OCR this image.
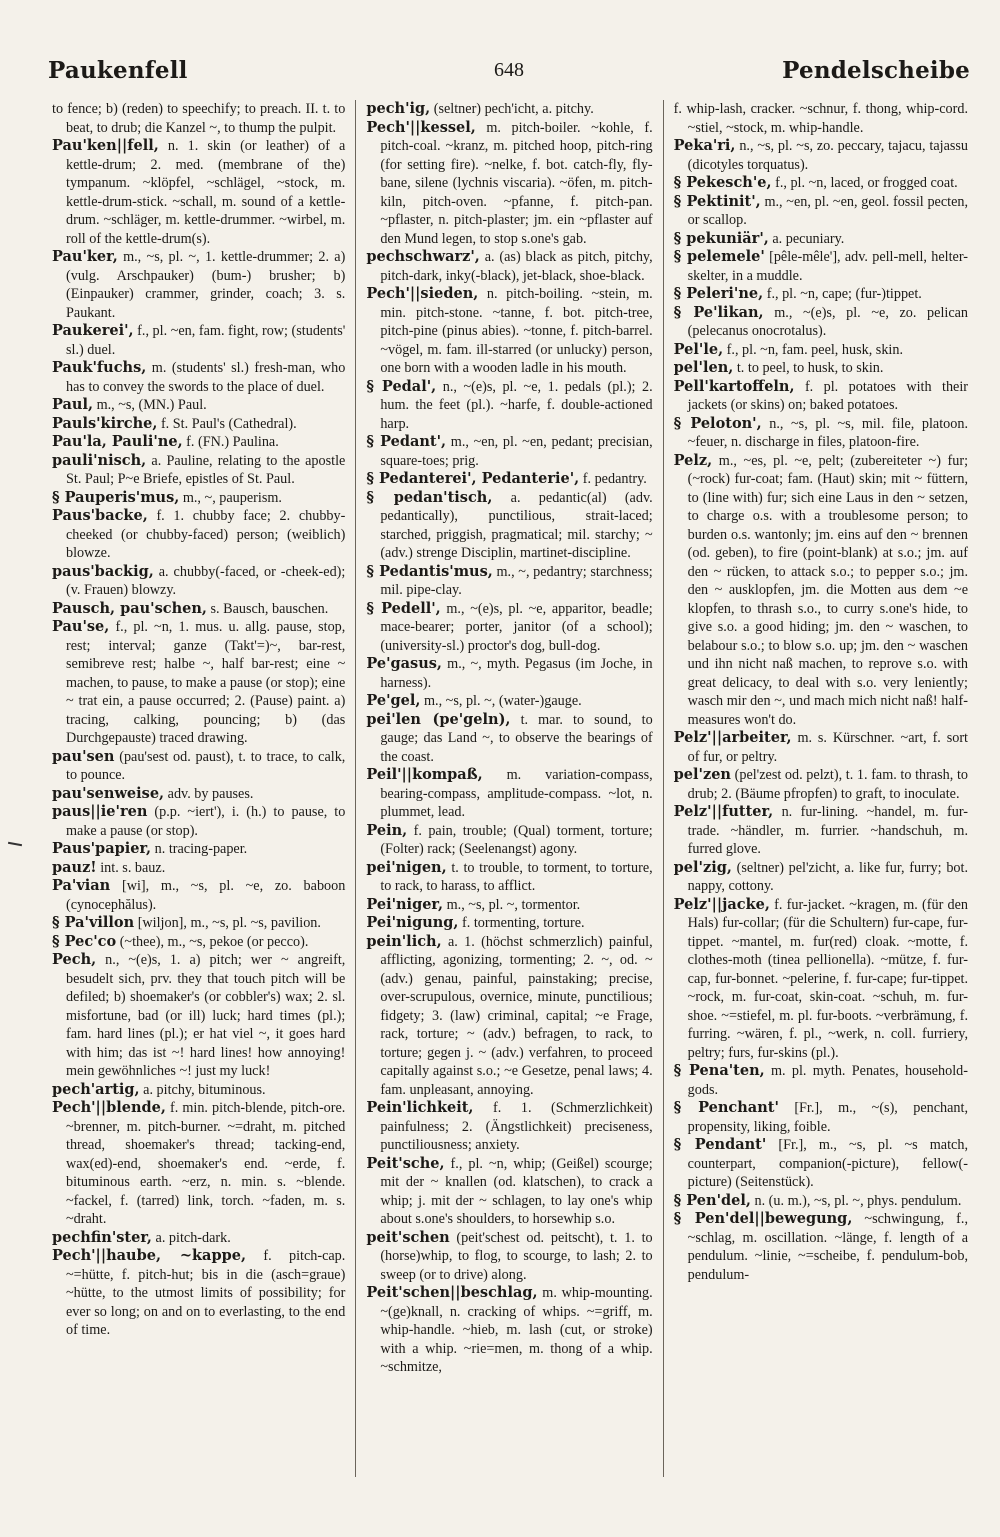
Paukenfell	648	Pendelscheibe

to fence; b) (reden) to speechify; to preach. II. t. to beat, to drub; die Kanzel ~, to thump the pulpit.

Pau'ken||fell, n. 1. skin (or leather) of a kettle-drum; 2. med. (membrane of the) tympanum. ~klöpfel, ~schlägel, ~stock, m. kettle-drum-stick. ~schall, m. sound of a kettle-drum. ~schläger, m. kettle-drummer. ~wirbel, m. roll of the kettle-drum(s).

Pau'ker, m., ~s, pl. ~, 1. kettle-drummer; 2. a) (vulg. Arschpauker) (bum-) brusher; b) (Einpauker) crammer, grinder, coach; 3. s. Paukant.

Paukerei', f., pl. ~en, fam. fight, row; (students' sl.) duel.

Pauk'fuchs, m. (students' sl.) fresh-man, who has to convey the swords to the place of duel.

Paul, m., ~s, (MN.) Paul.

Pauls'kirche, f. St. Paul's (Cathedral).

Pau'la, Pauli'ne, f. (FN.) Paulina.

pauli'nisch, a. Pauline, relating to the apostle St. Paul; P~e Briefe, epistles of St. Paul.

§ Pauperis'mus, m., ~, pauperism.

Paus'backe, f. 1. chubby face; 2. chubby-cheeked (or chubby-faced) person; (weiblich) blowze.

paus'backig, a. chubby(-faced, or -cheek-ed); (v. Frauen) blowzy.

Pausch, pau'schen, s. Bausch, bauschen.

Pau'se, f., pl. ~n, 1. mus. u. allg. pause, stop, rest; interval; ganze (Takt'=)~, bar-rest, semibreve rest; halbe ~, half bar-rest; eine ~ machen, to pause, to make a pause (or stop); eine ~ trat ein, a pause occurred; 2. (Pause) paint. a) tracing, calking, pouncing; b) (das Durchgepauste) traced drawing.

pau'sen (pau'sest od. paust), t. to trace, to calk, to pounce.

pau'senweise, adv. by pauses.

paus||ie'ren (p.p. ~iert'), i. (h.) to pause, to make a pause (or stop).

Paus'papier, n. tracing-paper.

pauz! int. s. bauz.

Pa'vian [wi], m., ~s, pl. ~e, zo. baboon (cynocephălus).

§ Pa'villon [wiljon], m., ~s, pl. ~s, pavilion.

§ Pec'co (~thee), m., ~s, pekoe (or pecco).

Pech, n., ~(e)s, 1. a) pitch; wer ~ angreift, besudelt sich, prv. they that touch pitch will be defiled; b) shoemaker's (or cobbler's) wax; 2. sl. misfortune, bad (or ill) luck; hard times (pl.); fam. hard lines (pl.); er hat viel ~, it goes hard with him; das ist ~! hard lines! how annoying! mein gewöhnliches ~! just my luck!

pech'artig, a. pitchy, bituminous.

Pech'||blende, f. min. pitch-blende, pitch-ore. ~brenner, m. pitch-burner. ~=draht, m. pitched thread, shoemaker's thread; tacking-end, wax(ed)-end, shoemaker's end. ~erde, f. bituminous earth. ~erz, n. min. s. ~blende. ~fackel, f. (tarred) link, torch. ~faden, m. s. ~draht.

pechfin'ster, a. pitch-dark.

Pech'||haube, ~kappe, f. pitch-cap. ~=hütte, f. pitch-hut; bis in die (asch=graue) ~hütte, to the utmost limits of possibility; for ever so long; on and on to everlasting, to the end of time.

pech'ig, (seltner) pech'icht, a. pitchy.

Pech'||kessel, m. pitch-boiler. ~kohle, f. pitch-coal. ~kranz, m. pitched hoop, pitch-ring (for setting fire). ~nelke, f. bot. catch-fly, fly-bane, silene (lychnis viscaria). ~öfen, m. pitch-kiln, pitch-oven. ~pfanne, f. pitch-pan. ~pflaster, n. pitch-plaster; jm. ein ~pflaster auf den Mund legen, to stop s.one's gab.

pechschwarz', a. (as) black as pitch, pitchy, pitch-dark, inky(-black), jet-black, shoe-black.

Pech'||sieden, n. pitch-boiling. ~stein, m. min. pitch-stone. ~tanne, f. bot. pitch-tree, pitch-pine (pinus abies). ~tonne, f. pitch-barrel. ~vögel, m. fam. ill-starred (or unlucky) person, one born with a wooden ladle in his mouth.

§ Pedal', n., ~(e)s, pl. ~e, 1. pedals (pl.); 2. hum. the feet (pl.). ~harfe, f. double-actioned harp.

§ Pedant', m., ~en, pl. ~en, pedant; precisian, square-toes; prig.

§ Pedanterei', Pedanterie', f. pedantry.

§ pedan'tisch, a. pedantic(al) (adv. pedantically), punctilious, strait-laced; starched, priggish, pragmatical; mil. starchy; ~ (adv.) strenge Disciplin, martinet-discipline.

§ Pedantis'mus, m., ~, pedantry; starchness; mil. pipe-clay.

§ Pedell', m., ~(e)s, pl. ~e, apparitor, beadle; mace-bearer; porter, janitor (of a school); (university-sl.) proctor's dog, bull-dog.

Pe'gasus, m., ~, myth. Pegasus (im Joche, in harness).

Pe'gel, m., ~s, pl. ~, (water-)gauge.

pei'len (pe'geln), t. mar. to sound, to gauge; das Land ~, to observe the bearings of the coast.

Peil'||kompaß, m. variation-compass, bearing-compass, amplitude-compass. ~lot, n. plummet, lead.

Pein, f. pain, trouble; (Qual) torment, torture; (Folter) rack; (Seelenangst) agony.

pei'nigen, t. to trouble, to torment, to torture, to rack, to harass, to afflict.

Pei'niger, m., ~s, pl. ~, tormentor.

Pei'nigung, f. tormenting, torture.

pein'lich, a. 1. (höchst schmerzlich) painful, afflicting, agonizing, tormenting; 2. ~, od. ~ (adv.) genau, painful, painstaking; precise, over-scrupulous, overnice, minute, punctilious; fidgety; 3. (law) criminal, capital; ~e Frage, rack, torture; ~ (adv.) befragen, to rack, to torture; gegen j. ~ (adv.) verfahren, to proceed capitally against s.o.; ~e Gesetze, penal laws; 4. fam. unpleasant, annoying.

Pein'lichkeit, f. 1. (Schmerzlichkeit) painfulness; 2. (Ängstlichkeit) preciseness, punctiliousness; anxiety.

Peit'sche, f., pl. ~n, whip; (Geißel) scourge; mit der ~ knallen (od. klatschen), to crack a whip; j. mit der ~ schlagen, to lay one's whip about s.one's shoulders, to horsewhip s.o.

peit'schen (peit'schest od. peitscht), t. 1. to (horse)whip, to flog, to scourge, to lash; 2. to sweep (or to drive) along.

Peit'schen||beschlag, m. whip-mounting. ~(ge)knall, n. cracking of whips. ~=griff, m. whip-handle. ~hieb, m. lash (cut, or stroke) with a whip. ~rie=men, m. thong of a whip. ~schmitze,

f. whip-lash, cracker. ~schnur, f. thong, whip-cord. ~stiel, ~stock, m. whip-handle.

Peka'ri, n., ~s, pl. ~s, zo. peccary, tajacu, tajassu (dicotyles torquatus).

§ Pekesch'e, f., pl. ~n, laced, or frogged coat.

§ Pektinit', m., ~en, pl. ~en, geol. fossil pecten, or scallop.

§ pekuniär', a. pecuniary.

§ pelemele' [pêle-mêle'], adv. pell-mell, helter-skelter, in a muddle.

§ Peleri'ne, f., pl. ~n, cape; (fur-)tippet.

§ Pe'likan, m., ~(e)s, pl. ~e, zo. pelican (pelecanus onocrotalus).

Pel'le, f., pl. ~n, fam. peel, husk, skin.

pel'len, t. to peel, to husk, to skin.

Pell'kartoffeln, f. pl. potatoes with their jackets (or skins) on; baked potatoes.

§ Peloton', n., ~s, pl. ~s, mil. file, platoon. ~feuer, n. discharge in files, platoon-fire.

Pelz, m., ~es, pl. ~e, pelt; (zubereiteter ~) fur; (~rock) fur-coat; fam. (Haut) skin; mit ~ füttern, to (line with) fur; sich eine Laus in den ~ setzen, to charge o.s. with a troublesome person; to burden o.s. wantonly; jm. eins auf den ~ brennen (od. geben), to fire (point-blank) at s.o.; jm. auf den ~ rücken, to attack s.o.; to pepper s.o.; jm. den ~ ausklopfen, jm. die Motten aus dem ~e klopfen, to thrash s.o., to curry s.one's hide, to give s.o. a good hiding; jm. den ~ waschen, to belabour s.o.; to blow s.o. up; jm. den ~ waschen und ihn nicht naß machen, to reprove s.o. with great delicacy, to deal with s.o. very leniently; wasch mir den ~, und mach mich nicht naß! half-measures won't do.

Pelz'||arbeiter, m. s. Kürschner. ~art, f. sort of fur, or peltry.

pel'zen (pel'zest od. pelzt), t. 1. fam. to thrash, to drub; 2. (Bäume pfropfen) to graft, to inoculate.

Pelz'||futter, n. fur-lining. ~handel, m. fur-trade. ~händler, m. furrier. ~handschuh, m. furred glove.

pel'zig, (seltner) pel'zicht, a. like fur, furry; bot. nappy, cottony.

Pelz'||jacke, f. fur-jacket. ~kragen, m. (für den Hals) fur-collar; (für die Schultern) fur-cape, fur-tippet. ~mantel, m. fur(red) cloak. ~motte, f. clothes-moth (tinea pellionella). ~mütze, f. fur-cap, fur-bonnet. ~pelerine, f. fur-cape; fur-tippet. ~rock, m. fur-coat, skin-coat. ~schuh, m. fur-shoe. ~=stiefel, m. pl. fur-boots. ~verbrämung, f. furring. ~wären, f. pl., ~werk, n. coll. furriery, peltry; furs, fur-skins (pl.).

§ Pena'ten, m. pl. myth. Penates, household-gods.

§ Penchant' [Fr.], m., ~(s), penchant, propensity, liking, foible.

§ Pendant' [Fr.], m., ~s, pl. ~s match, counterpart, companion(-picture), fellow(-picture) (Seitenstück).

§ Pen'del, n. (u. m.), ~s, pl. ~, phys. pendulum.

§ Pen'del||bewegung, ~schwingung, f., ~schlag, m. oscillation. ~länge, f. length of a pendulum. ~linie, ~=scheibe, f. pendulum-bob, pendulum-
